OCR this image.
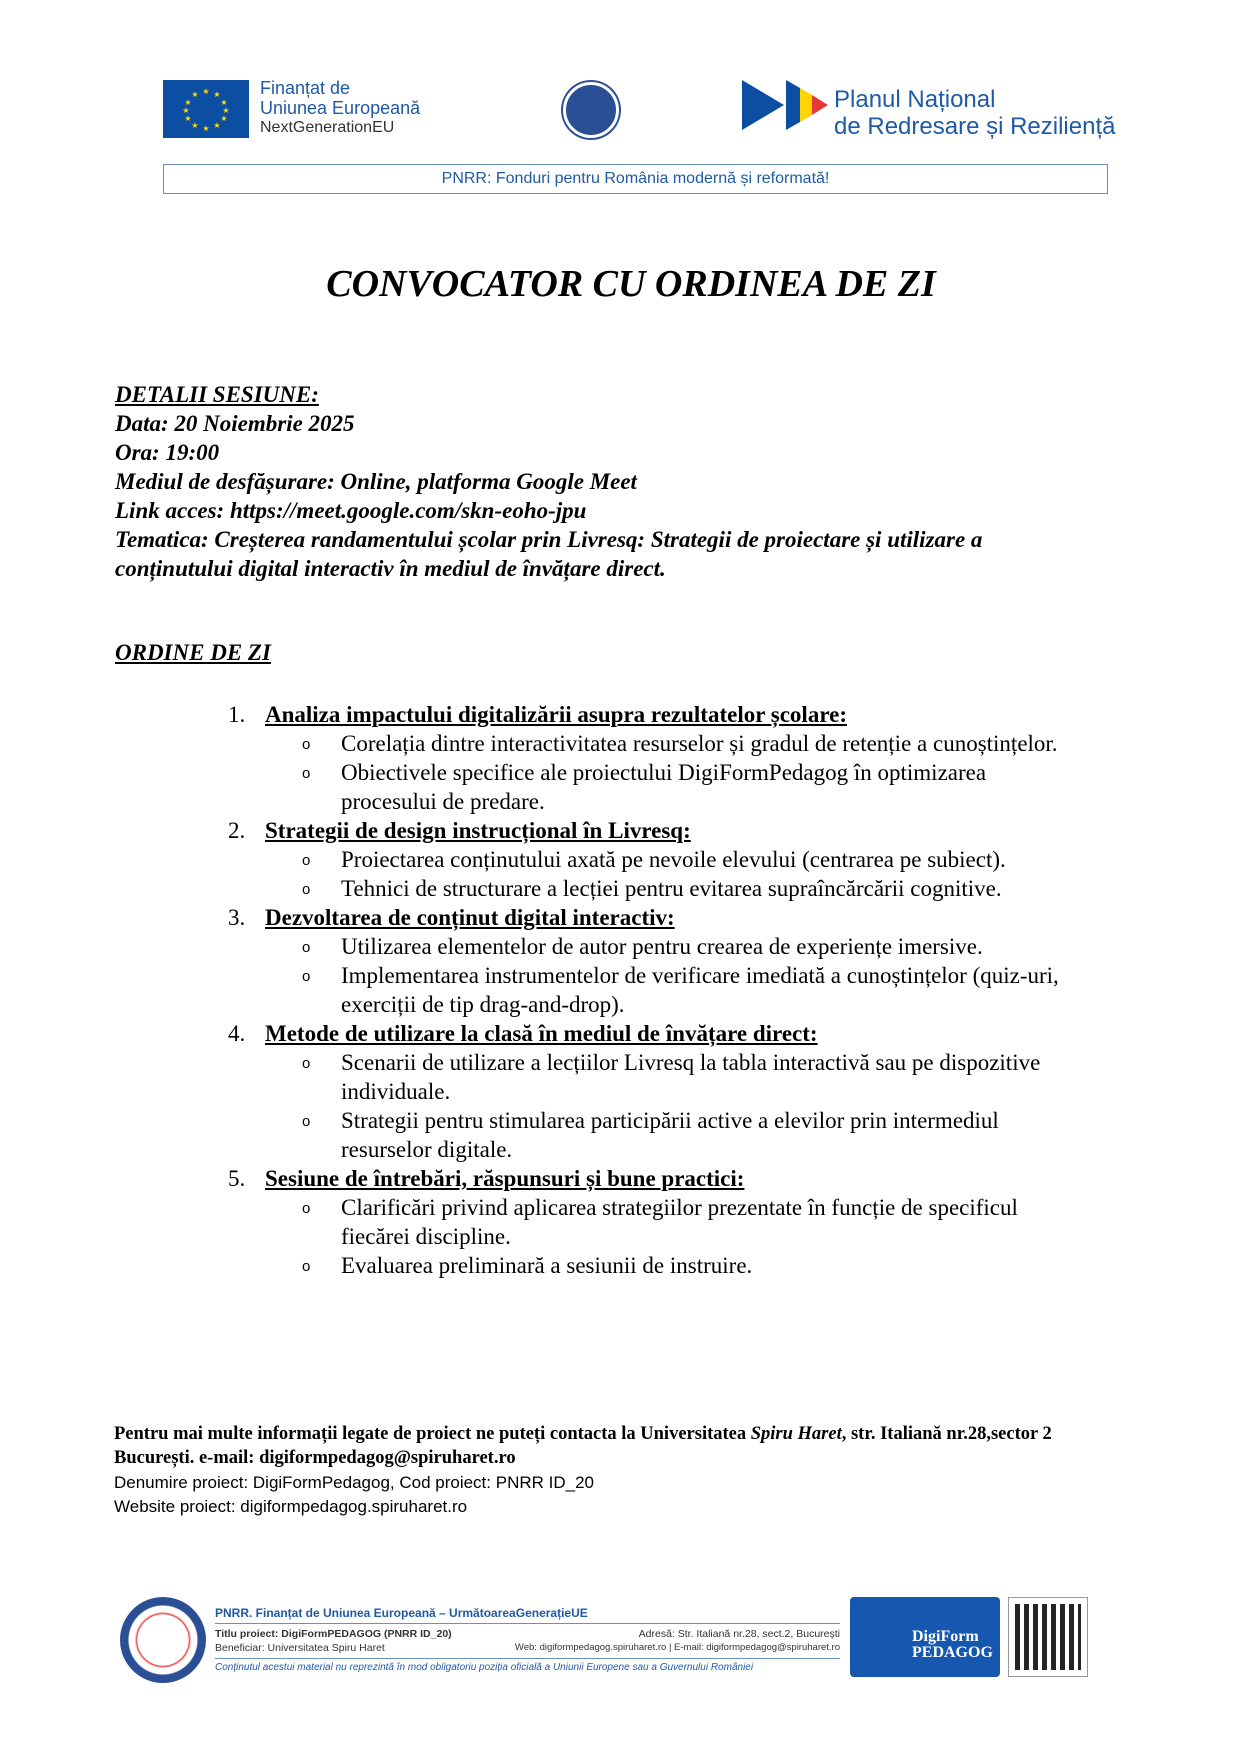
★ ★
★
★
★
★
★
★
★
★
★
★	Finanțat de
Uniunea Europeană
NextGenerationEU
Planul Național
de Redresare și Reziliență
PNRR: Fonduri pentru România modernă și reformată!
CONVOCATOR CU ORDINEA DE ZI
DETALII SESIUNE:
Data: 20 Noiembrie 2025
Ora: 19:00
Mediul de desfășurare: Online, platforma Google Meet
Link acces: https://meet.google.com/skn-eoho-jpu
Tematica: Creșterea randamentului școlar prin Livresq: Strategii de proiectare și utilizare a conținutului digital interactiv în mediul de învățare direct.
ORDINE DE ZI
1. Analiza impactului digitalizării asupra rezultatelor școlare:
o Corelația dintre interactivitatea resurselor și gradul de retenție a cunoștințelor.
o Obiectivele specifice ale proiectului DigiFormPedagog în optimizarea procesului de predare.
2. Strategii de design instrucțional în Livresq:
o Proiectarea conținutului axată pe nevoile elevului (centrarea pe subiect).
o Tehnici de structurare a lecției pentru evitarea supraîncărcării cognitive.
3. Dezvoltarea de conținut digital interactiv:
o Utilizarea elementelor de autor pentru crearea de experiențe imersive.
o Implementarea instrumentelor de verificare imediată a cunoștințelor (quiz-uri, exerciții de tip drag-and-drop).
4. Metode de utilizare la clasă în mediul de învățare direct:
o Scenarii de utilizare a lecțiilor Livresq la tabla interactivă sau pe dispozitive individuale.
o Strategii pentru stimularea participării active a elevilor prin intermediul resurselor digitale.
5. Sesiune de întrebări, răspunsuri și bune practici:
o Clarificări privind aplicarea strategiilor prezentate în funcție de specificul fiecărei discipline.
o Evaluarea preliminară a sesiunii de instruire.
Pentru mai multe informații legate de proiect ne puteți contacta la Universitatea Spiru Haret, str. Italiană nr.28,sector 2 București. e-mail: digiformpedagog@spiruharet.ro
Denumire proiect: DigiFormPedagog, Cod proiect: PNRR ID_20
Website proiect: digiformpedagog.spiruharet.ro
PNRR. Finanțat de Uniunea Europeană – UrmătoareaGenerațieUE
Titlu proiect: DigiFormPEDAGOG (PNRR ID_20)
Beneficiar: Universitatea Spiru Haret
Adresă: Str. Italiană nr.28, sect.2, București
Web: digiformpedagog.spiruharet.ro | E-mail: digiformpedagog@spiruharet.ro
Conținutul acestui material nu reprezintă în mod obligatoriu poziția oficială a Uniunii Europene sau a Guvernului României
DigiForm
PEDAGOG
